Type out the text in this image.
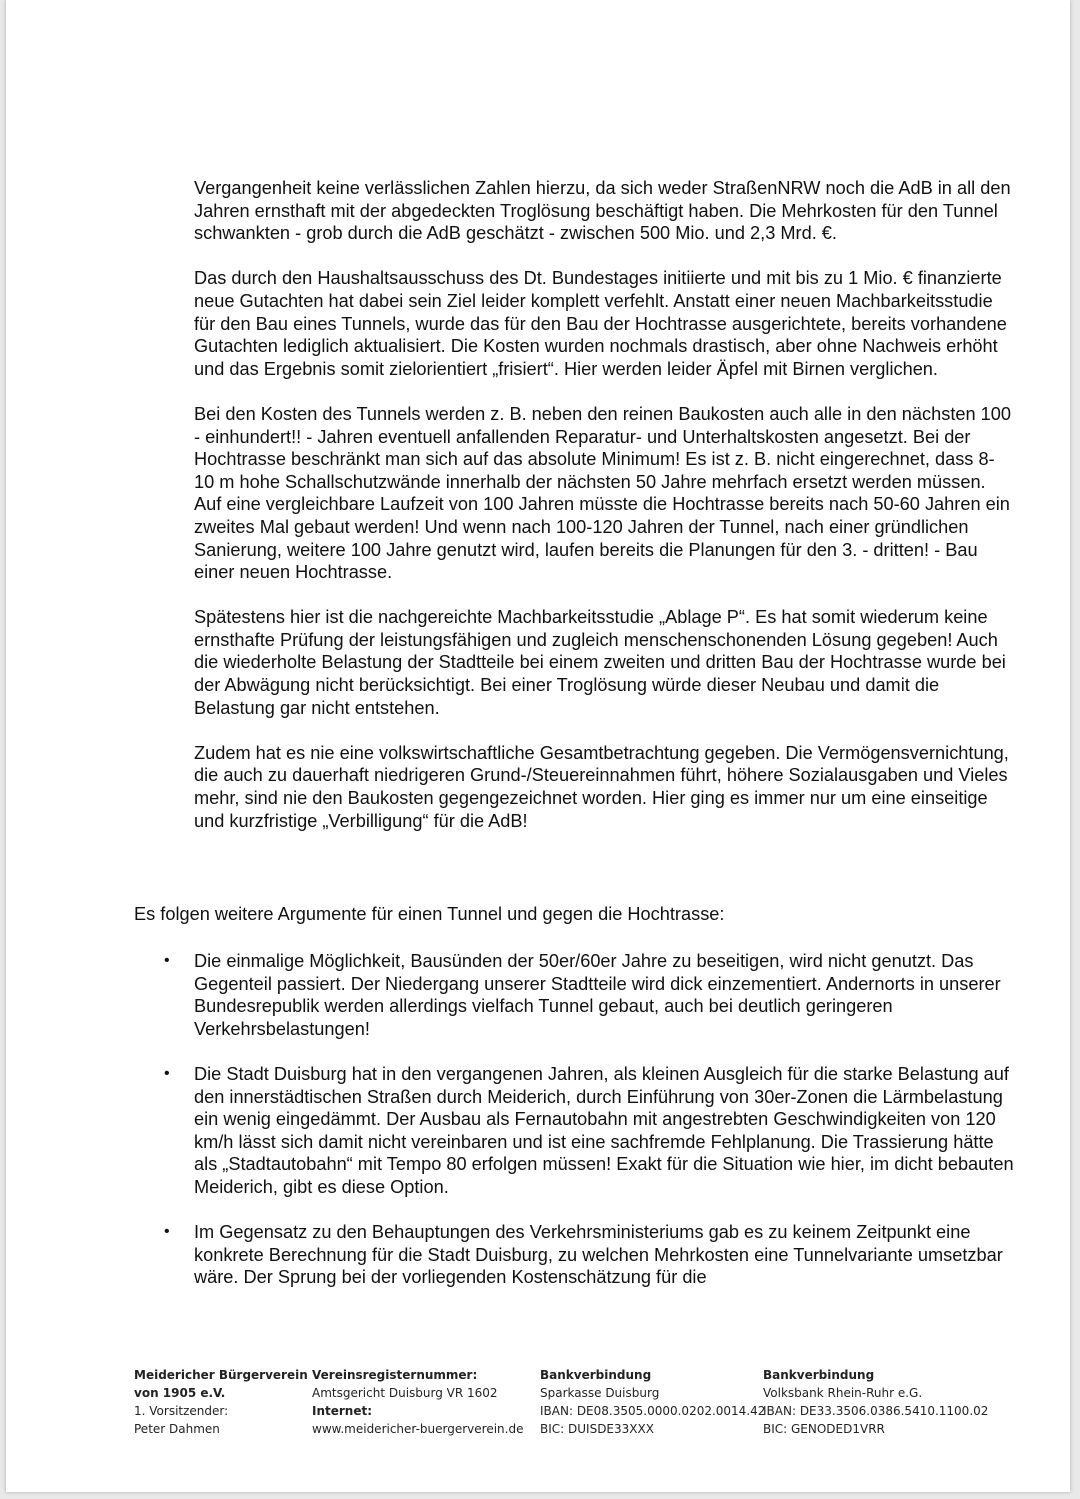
Vergangenheit keine verlässlichen Zahlen hierzu, da sich weder StraßenNRW noch die AdB in all den Jahren ernsthaft mit der abgedeckten Troglösung beschäftigt haben. Die Mehrkosten für den Tunnel schwankten - grob durch die AdB geschätzt - zwischen 500 Mio. und 2,3 Mrd. €.

Das durch den Haushaltsausschuss des Dt. Bundestages initiierte und mit bis zu 1 Mio. € finanzierte neue Gutachten hat dabei sein Ziel leider komplett verfehlt. Anstatt einer neuen Machbarkeitsstudie für den Bau eines Tunnels, wurde das für den Bau der Hochtrasse ausgerichtete, bereits vorhandene Gutachten lediglich aktualisiert. Die Kosten wurden nochmals drastisch, aber ohne Nachweis erhöht und das Ergebnis somit zielorientiert „frisiert“. Hier werden leider Äpfel mit Birnen verglichen.

Bei den Kosten des Tunnels werden z. B. neben den reinen Baukosten auch alle in den nächsten 100 - einhundert!! - Jahren eventuell anfallenden Reparatur- und Unterhaltskosten angesetzt. Bei der Hochtrasse beschränkt man sich auf das absolute Minimum! Es ist z. B. nicht eingerechnet, dass 8-10 m hohe Schallschutzwände innerhalb der nächsten 50 Jahre mehrfach ersetzt werden müssen. Auf eine vergleichbare Laufzeit von 100 Jahren müsste die Hochtrasse bereits nach 50-60 Jahren ein zweites Mal gebaut werden! Und wenn nach 100-120 Jahren der Tunnel, nach einer gründlichen Sanierung, weitere 100 Jahre genutzt wird, laufen bereits die Planungen für den 3. - dritten! - Bau einer neuen Hochtrasse.

Spätestens hier ist die nachgereichte Machbarkeitsstudie „Ablage P“. Es hat somit wiederum keine ernsthafte Prüfung der leistungsfähigen und zugleich menschenschonenden Lösung gegeben! Auch die wiederholte Belastung der Stadtteile bei einem zweiten und dritten Bau der Hochtrasse wurde bei der Abwägung nicht berücksichtigt. Bei einer Troglösung würde dieser Neubau und damit die Belastung gar nicht entstehen.

Zudem hat es nie eine volkswirtschaftliche Gesamtbetrachtung gegeben. Die Vermögensvernichtung, die auch zu dauerhaft niedrigeren Grund-/Steuereinnahmen führt, höhere Sozialausgaben und Vieles mehr, sind nie den Baukosten gegengezeichnet worden. Hier ging es immer nur um eine einseitige und kurzfristige „Verbilligung“ für die AdB!

Es folgen weitere Argumente für einen Tunnel und gegen die Hochtrasse:

• Die einmalige Möglichkeit, Bausünden der 50er/60er Jahre zu beseitigen, wird nicht genutzt. Das Gegenteil passiert. Der Niedergang unserer Stadtteile wird dick einzementiert. Andernorts in unserer Bundesrepublik werden allerdings vielfach Tunnel gebaut, auch bei deutlich geringeren Verkehrsbelastungen!
• Die Stadt Duisburg hat in den vergangenen Jahren, als kleinen Ausgleich für die starke Belastung auf den innerstädtischen Straßen durch Meiderich, durch Einführung von 30er-Zonen die Lärmbelastung ein wenig eingedämmt. Der Ausbau als Fernautobahn mit angestrebten Geschwindigkeiten von 120 km/h lässt sich damit nicht vereinbaren und ist eine sachfremde Fehlplanung. Die Trassierung hätte als „Stadtautobahn“ mit Tempo 80 erfolgen müssen! Exakt für die Situation wie hier, im dicht bebauten Meiderich, gibt es diese Option.
• Im Gegensatz zu den Behauptungen des Verkehrsministeriums gab es zu keinem Zeitpunkt eine konkrete Berechnung für die Stadt Duisburg, zu welchen Mehrkosten eine Tunnelvariante umsetzbar wäre. Der Sprung bei der vorliegenden Kostenschätzung für die
Meidericher Bürgerverein
von 1905 e.V.
1. Vorsitzender:
Peter Dahmen
Vereinsregisternummer:
Amtsgericht Duisburg VR 1602
Internet:
www.meidericher-buergerverein.de
Bankverbindung
Sparkasse Duisburg
IBAN: DE08.3505.0000.0202.0014.42
BIC: DUISDE33XXX
Bankverbindung
Volksbank Rhein-Ruhr e.G.
IBAN: DE33.3506.0386.5410.1100.02
BIC: GENODED1VRR
